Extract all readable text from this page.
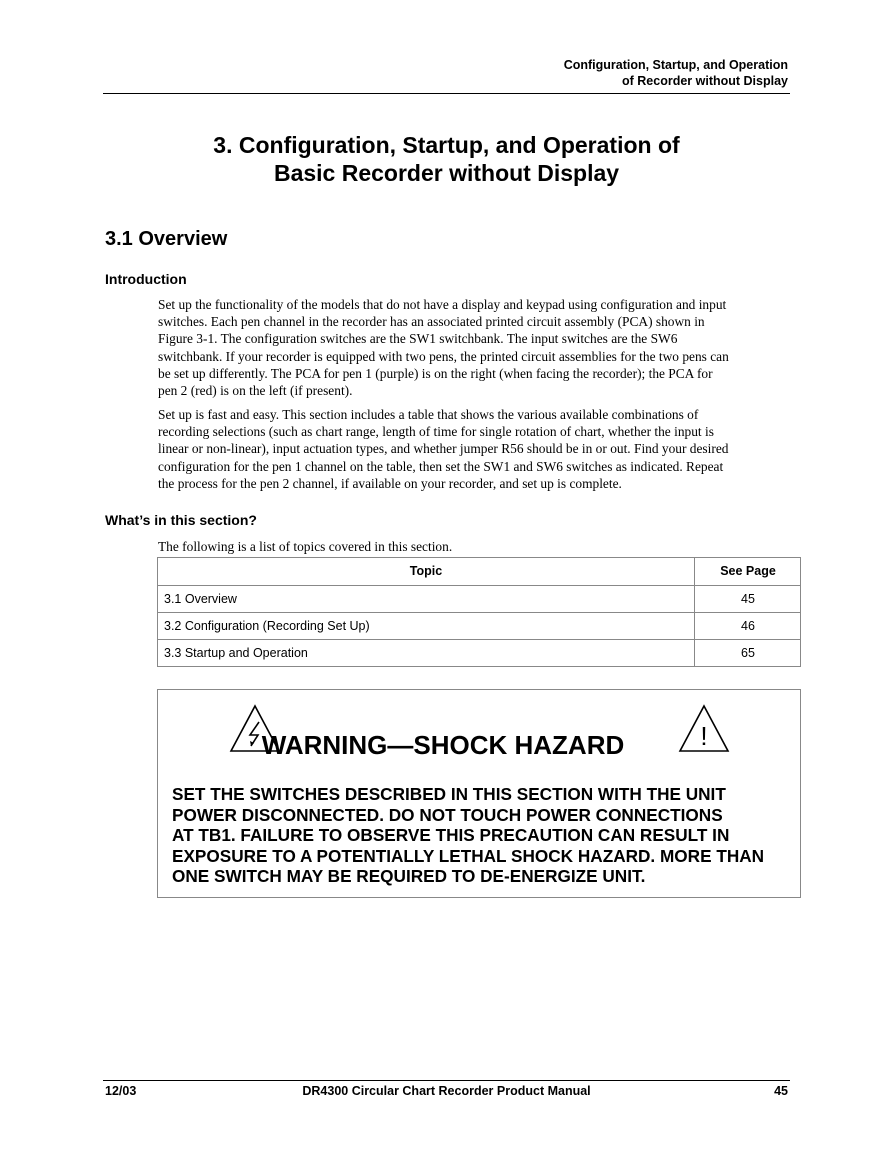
Configuration, Startup, and Operation
of Recorder without Display
3. Configuration, Startup, and Operation of
Basic Recorder without Display
3.1 Overview
Introduction
Set up the functionality of the models that do not have a display and keypad using configuration and input
switches. Each pen channel in the recorder has an associated printed circuit assembly (PCA) shown in
Figure 3-1. The configuration switches are the SW1 switchbank. The input switches are the SW6
switchbank. If your recorder is equipped with two pens, the printed circuit assemblies for the two pens can
be set up differently. The PCA for pen 1 (purple) is on the right (when facing the recorder); the PCA for
pen 2 (red) is on the left (if present).
Set up is fast and easy. This section includes a table that shows the various available combinations of
recording selections (such as chart range, length of time for single rotation of chart, whether the input is
linear or non-linear), input actuation types, and whether jumper R56 should be in or out. Find your desired
configuration for the pen 1 channel on the table, then set the SW1 and SW6 switches as indicated. Repeat
the process for the pen 2 channel, if available on your recorder, and set up is complete.
What’s in this section?
The following is a list of topics covered in this section.
Topic	See Page
3.1 Overview	45
3.2 Configuration (Recording Set Up)	46
3.3 Startup and Operation	65
WARNING—SHOCK HAZARD	!
SET THE SWITCHES DESCRIBED IN THIS SECTION WITH THE UNIT
POWER DISCONNECTED. DO NOT TOUCH POWER CONNECTIONS
AT TB1. FAILURE TO OBSERVE THIS PRECAUTION CAN RESULT IN
EXPOSURE TO A POTENTIALLY LETHAL SHOCK HAZARD. MORE THAN
ONE SWITCH MAY BE REQUIRED TO DE-ENERGIZE UNIT.
12/03	DR4300 Circular Chart Recorder Product Manual	45
